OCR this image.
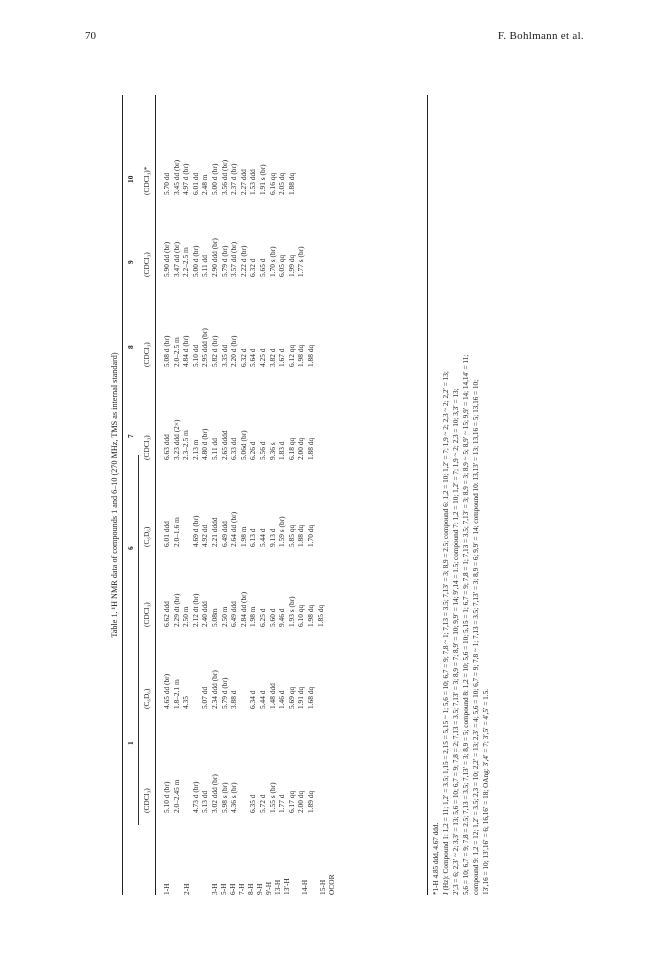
70	F. Bohlmann et al.
Table 1. ¹H NMR data of compounds 1 and 6–10 (270 MHz, TMS as internal standard)
1
6
7
8
9
10
(CDCl₃)
(C₆D₆)
(CDCl₃)
(C₆D₆)
(CDCl₃)
(CDCl₃)
(CDCl₃)
(CDCl₃)*
1-H 2-H	3-H 5-H 6-H 7-H 8-H 9-H 9′-H 13-H 13′-H 14-H 15-H OCOR
5.10 d (br) 2.0–2.45 m 4.73 d (br) 5.13 dd 3.02 ddd (br) 5.98 s (br) 4.36 s (br) 6.35 d 5.72 d 1.55 s (br) 1.77 d 6.17 qq 2.00 dq 1.89 dq
4.65 dd (br) 1.8–2.1 m 4.35 5.07 dd 2.34 ddd (br) 5.79 d (br) 3.88 d 6.34 d 5.44 d 1.48 ddd 1.46 d 5.69 qq 1.91 dq 1.68 dq
6.62 ddd 2.29 dt (br) 2.50 m 2.12 dt (br) 2.40 ddd 5.08m 2.50 m 6.49 ddd 2.84 dd (br) 1.98 m 6.25 d 5.60 d 9.46 d 1.93 s (br) 6.10 qq 1.98 dq 1.85 dq
6.01 ddd 2.0–1.6 m 4.69 d (br) 4.92 dd 2.21 dddd 6.49 ddd 2.64 dd (br) 1.98 m 6.13 d 5.44 d 9.13 d 1.59 s (br) 5.85 qq 1.88 dq 1.70 dq
6.63 ddd 3.23 ddd (2×) 2.3–2.5 m 2.13 m 4.80 d (br) 5.11 dd 2.65 dddd 6.33 dd 5.06d (br) 6.26 d 5.56 d 9.36 s 1.83 d 6.18 qq 2.00 dq 1.88 dq
5.08 d (br) 2.0–2.5 m 4.84 d (br) 5.10 dd 2.95 ddd (br) 5.82 d (br) 3.35 dd 2.20 d (br) 6.32 d 5.64 d 4.25 d 3.82 d 1.67 d 6.12 qq 1.98 dq 1.88 dq
5.90 dd (br) 3.47 dd (br) 2.2–2.5 m 5.00 d (br) 5.11 dd 2.90 ddd (br) 5.79 d (br) 3.57 dd (br) 2.22 d (br) 6.32 d 5.65 d 1.70 s (br) 6.05 qq 1.99 dq 1.77 s (br)
5.70 dd 3.45 dd (br) 4.97 d (br) 6.01 dd 2.48 m 5.00 d (br) 3.56 dd (br) 2.37 d (br) 2.27 ddd 1.53 ddd 1.91 s (br) 6.16 qq 2.05 dq 1.88 dq
*1-H 4.85 ddd, 4.67 ddd. J (Hz): Compound 1: 1,2 = 11; 1,2′ = 3.5; 1,15 = 2,15 = 5,15 ~ 1; 5,6 = 10; 6,7 = 9; 7,8 ~ 1; 7,13 = 3.5; 7,13′ = 3; 8,9 = 2.5; compound 6: 1,2 = 10; 1,2′ = 7; 1,9 ~ 2; 2,3 ~ 2; 2,2′ = 13; 2′,3 = 6; 2,3′ ~ 2; 3,3′ = 13; 5,6 = 10; 6,7 = 9; 7,8 = 2; 7,13 = 3.5; 7,13′ = 3; 8,9 = 7; 8,9′ = 10; 9,9′ = 14; 9′,14 = 1.5; compound 7: 1,2 = 10; 1,2′ = 7; 1,9 ~ 2; 2,3 = 10; 3,3′ = 13; 5,6 = 10; 6,7 = 9; 7,8 = 2.5; 7,13 = 3.5; 7,13′ = 3; 8,9 = 5; compound 8: 1,2 = 10; 5,6 = 10; 5,15 = 1; 6,7 = 9; 7,8 = 1; 7,13 = 3.5; 7,13′ = 3; 8,9 = 3; 8,9 ~ 5; 8,9′ ~ 15; 9,9′ = 14; 14,14′ = 11; compound 9: 1,2 = 12; 1,2′ = 3.5; 2,3 = 10; 2,2′ = 13; 2,3′ = 4; 5,6 = 10; 6,7 = 9; 7,8 ~ 1; 7,13 = 3.5; 7,13′ = 3; 8,9 = 6; 9,9′ = 14; compound 10: 13,13′ = 13; 13,16 = 5; 13,16 = 10; 13′,16 = 10; 13′,16′ = 6; 16,16′ = 18; OAng: 3′,4′ = 7; 3′,5′ = 4′,5′ = 1.5.
